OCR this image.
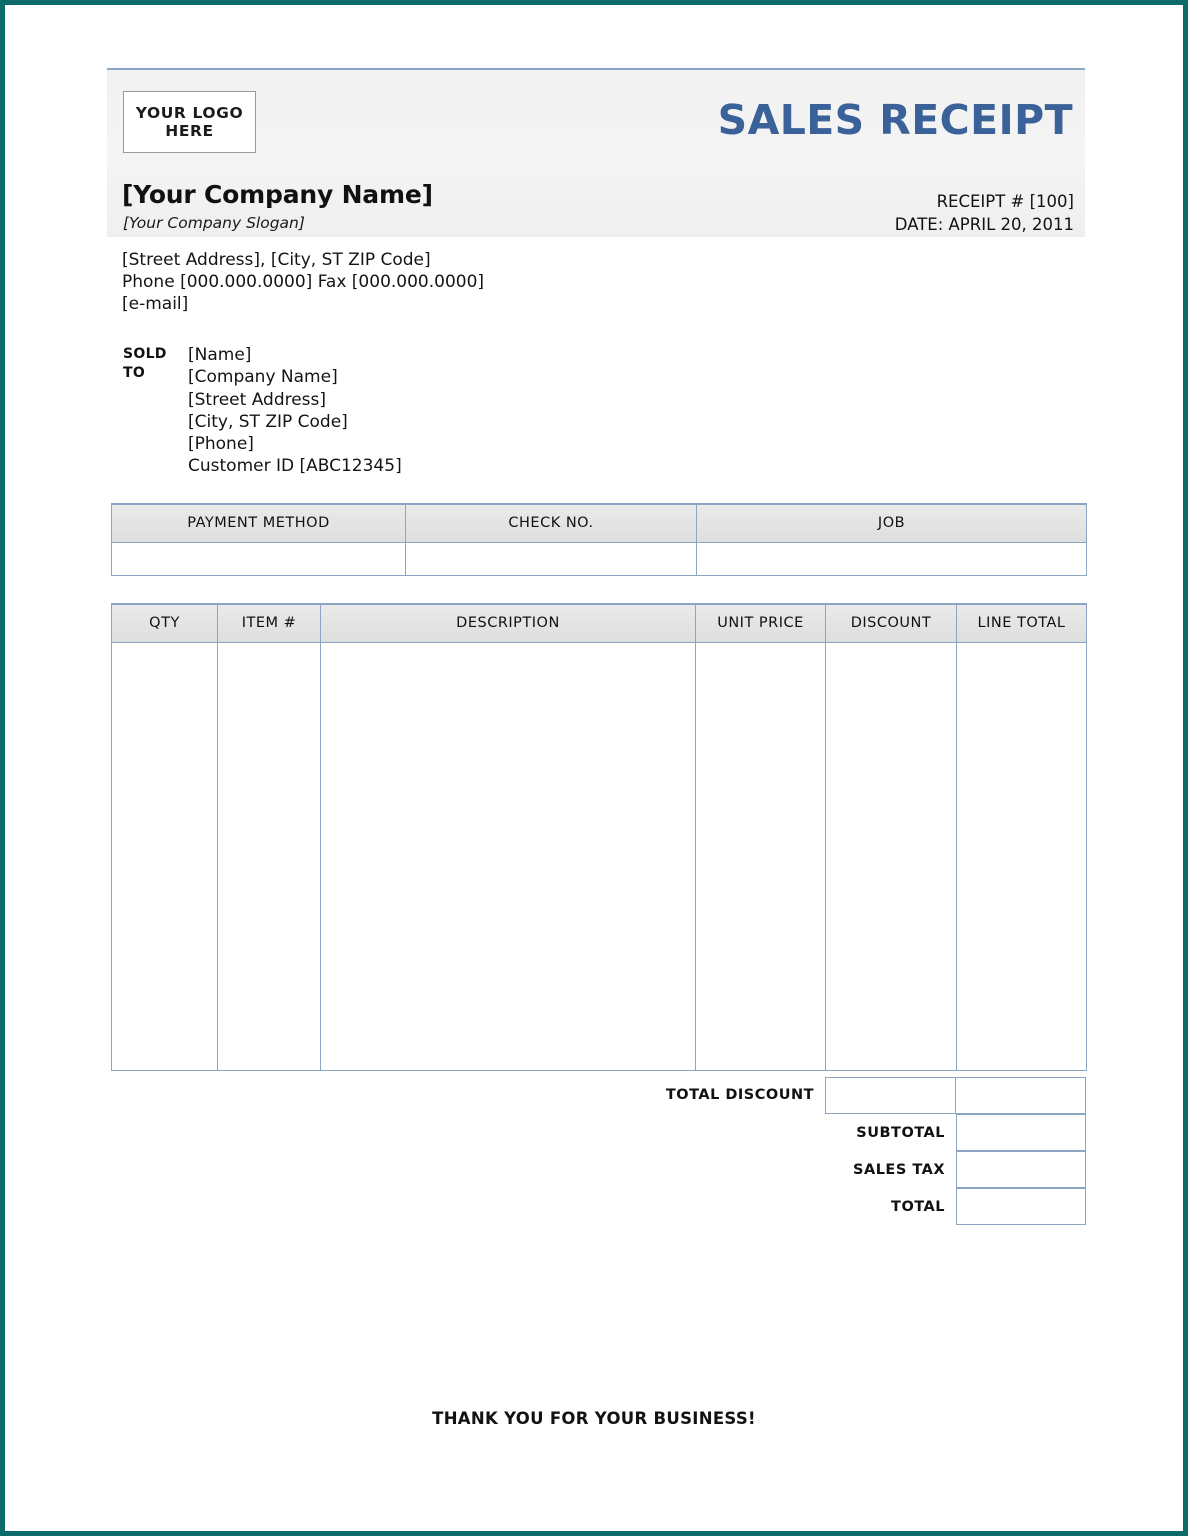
YOUR LOGO
HERE	SALES RECEIPT
[Your Company Name]
[Your Company Slogan]
RECEIPT # [100]
DATE: APRIL 20, 2011
[Street Address], [City, ST ZIP Code]
Phone [000.000.0000] Fax [000.000.0000]
[e-mail]
SOLD
TO
[Name]
[Company Name]
[Street Address]
[City, ST ZIP Code]
[Phone]
Customer ID [ABC12345]
PAYMENT METHOD	CHECK NO.	JOB

QTY	ITEM #	DESCRIPTION	UNIT PRICE	DISCOUNT	LINE TOTAL

TOTAL DISCOUNT
SUBTOTAL
SALES TAX
TOTAL
THANK YOU FOR YOUR BUSINESS!
